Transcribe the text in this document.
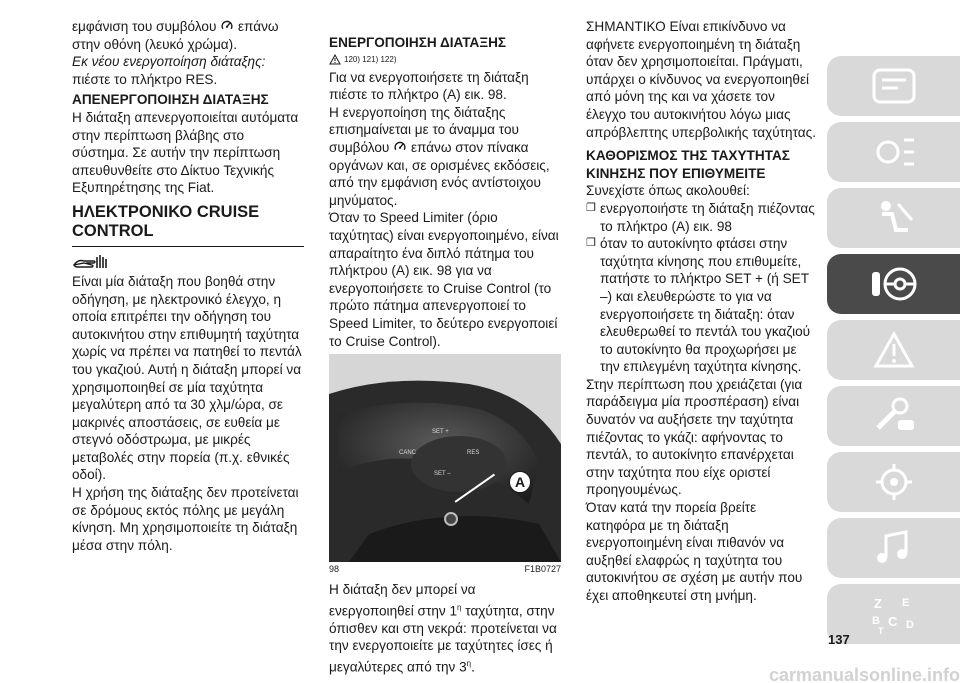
εμφάνιση του συμβόλου επάνω στην οθόνη (λευκό χρώμα).

Εκ νέου ενεργοποίηση διάταξης:

πιέστε το πλήκτρο RES.

ΑΠΕΝΕΡΓΟΠΟΙΗΣΗ ΔΙΑΤΑΞΗΣ

Η διάταξη απενεργοποιείται αυτόματα στην περίπτωση βλάβης στο σύστημα. Σε αυτήν την περίπτωση απευθυνθείτε στο Δίκτυο Τεχνικής Εξυπηρέτησης της Fiat.

ΗΛΕΚΤΡΟΝΙΚΟ CRUISE CONTROL

Είναι μία διάταξη που βοηθά στην οδήγηση, με ηλεκτρονικό έλεγχο, η οποία επιτρέπει την οδήγηση του αυτοκινήτου στην επιθυμητή ταχύτητα χωρίς να πρέπει να πατηθεί το πεντάλ του γκαζιού. Αυτή η διάταξη μπορεί να χρησιμοποιηθεί σε μία ταχύτητα μεγαλύτερη από τα 30 χλμ/ώρα, σε μακρινές αποστάσεις, σε ευθεία με στεγνό οδόστρωμα, με μικρές μεταβολές στην πορεία (π.χ. εθνικές οδοί).

Η χρήση της διάταξης δεν προτείνεται σε δρόμους εκτός πόλης με μεγάλη κίνηση. Μη χρησιμοποιείτε τη διάταξη μέσα στην πόλη.

ΕΝΕΡΓΟΠΟΙΗΣΗ ΔΙΑΤΑΞΗΣ

120) 121) 122)

Για να ενεργοποιήσετε τη διάταξη πιέστε το πλήκτρο (A) εικ. 98.

Η ενεργοποίηση της διάταξης επισημαίνεται με το άναμμα του συμβόλου επάνω στον πίνακα οργάνων και, σε ορισμένες εκδόσεις, από την εμφάνιση ενός αντίστοιχου μηνύματος.

Όταν το Speed Limiter (όριο ταχύτητας) είναι ενεργοποιημένο, είναι απαραίτητο ένα διπλό πάτημα του πλήκτρου (A) εικ. 98 για να ενεργοποιήσετε το Cruise Control (το πρώτο πάτημα απενεργοποιεί το Speed Limiter, το δεύτερο ενεργοποιεί το Cruise Control).

SET +
CANC	RES
SET –	A
98	F1B0727

Η διάταξη δεν μπορεί να ενεργοποιηθεί στην $1^\eta$ ταχύτητα, στην όπισθεν και στη νεκρά: προτείνεται να την ενεργοποιείτε με ταχύτητες ίσες ή μεγαλύτερες από την $3^\eta$.

ΣΗΜΑΝΤΙΚΟ Είναι επικίνδυνο να αφήνετε ενεργοποιημένη τη διάταξη όταν δεν χρησιμοποιείται. Πράγματι, υπάρχει ο κίνδυνος να ενεργοποιηθεί από μόνη της και να χάσετε τον έλεγχο του αυτοκινήτου λόγω μιας απρόβλεπτης υπερβολικής ταχύτητας.

ΚΑΘΟΡΙΣΜΟΣ ΤΗΣ ΤΑΧΥΤΗΤΑΣ ΚΙΝΗΣΗΣ ΠΟΥ ΕΠΙΘΥΜΕΙΤΕ

Συνεχίστε όπως ακολουθεί:

❐ ενεργοποιήστε τη διάταξη πιέζοντας το πλήκτρο (A) εικ. 98
❐ όταν το αυτοκίνητο φτάσει στην ταχύτητα κίνησης που επιθυμείτε, πατήστε το πλήκτρο SET + (ή SET –) και ελευθερώστε το για να ενεργοποιήσετε τη διάταξη: όταν ελευθερωθεί το πεντάλ του γκαζιού το αυτοκίνητο θα προχωρήσει με την επιλεγμένη ταχύτητα κίνησης.

Στην περίπτωση που χρειάζεται (για παράδειγμα μία προσπέραση) είναι δυνατόν να αυξήσετε την ταχύτητα πιέζοντας το γκάζι: αφήνοντας το πεντάλ, το αυτοκίνητο επανέρχεται στην ταχύτητα που είχε οριστεί προηγουμένως.

Όταν κατά την πορεία βρείτε κατηφόρα με τη διάταξη ενεργοποιημένη είναι πιθανόν να αυξηθεί ελαφρώς η ταχύτητα του αυτοκινήτου σε σχέση με αυτήν που έχει αποθηκευτεί στη μνήμη.

Z E
B C
T D
137
carmanualsonline.info
